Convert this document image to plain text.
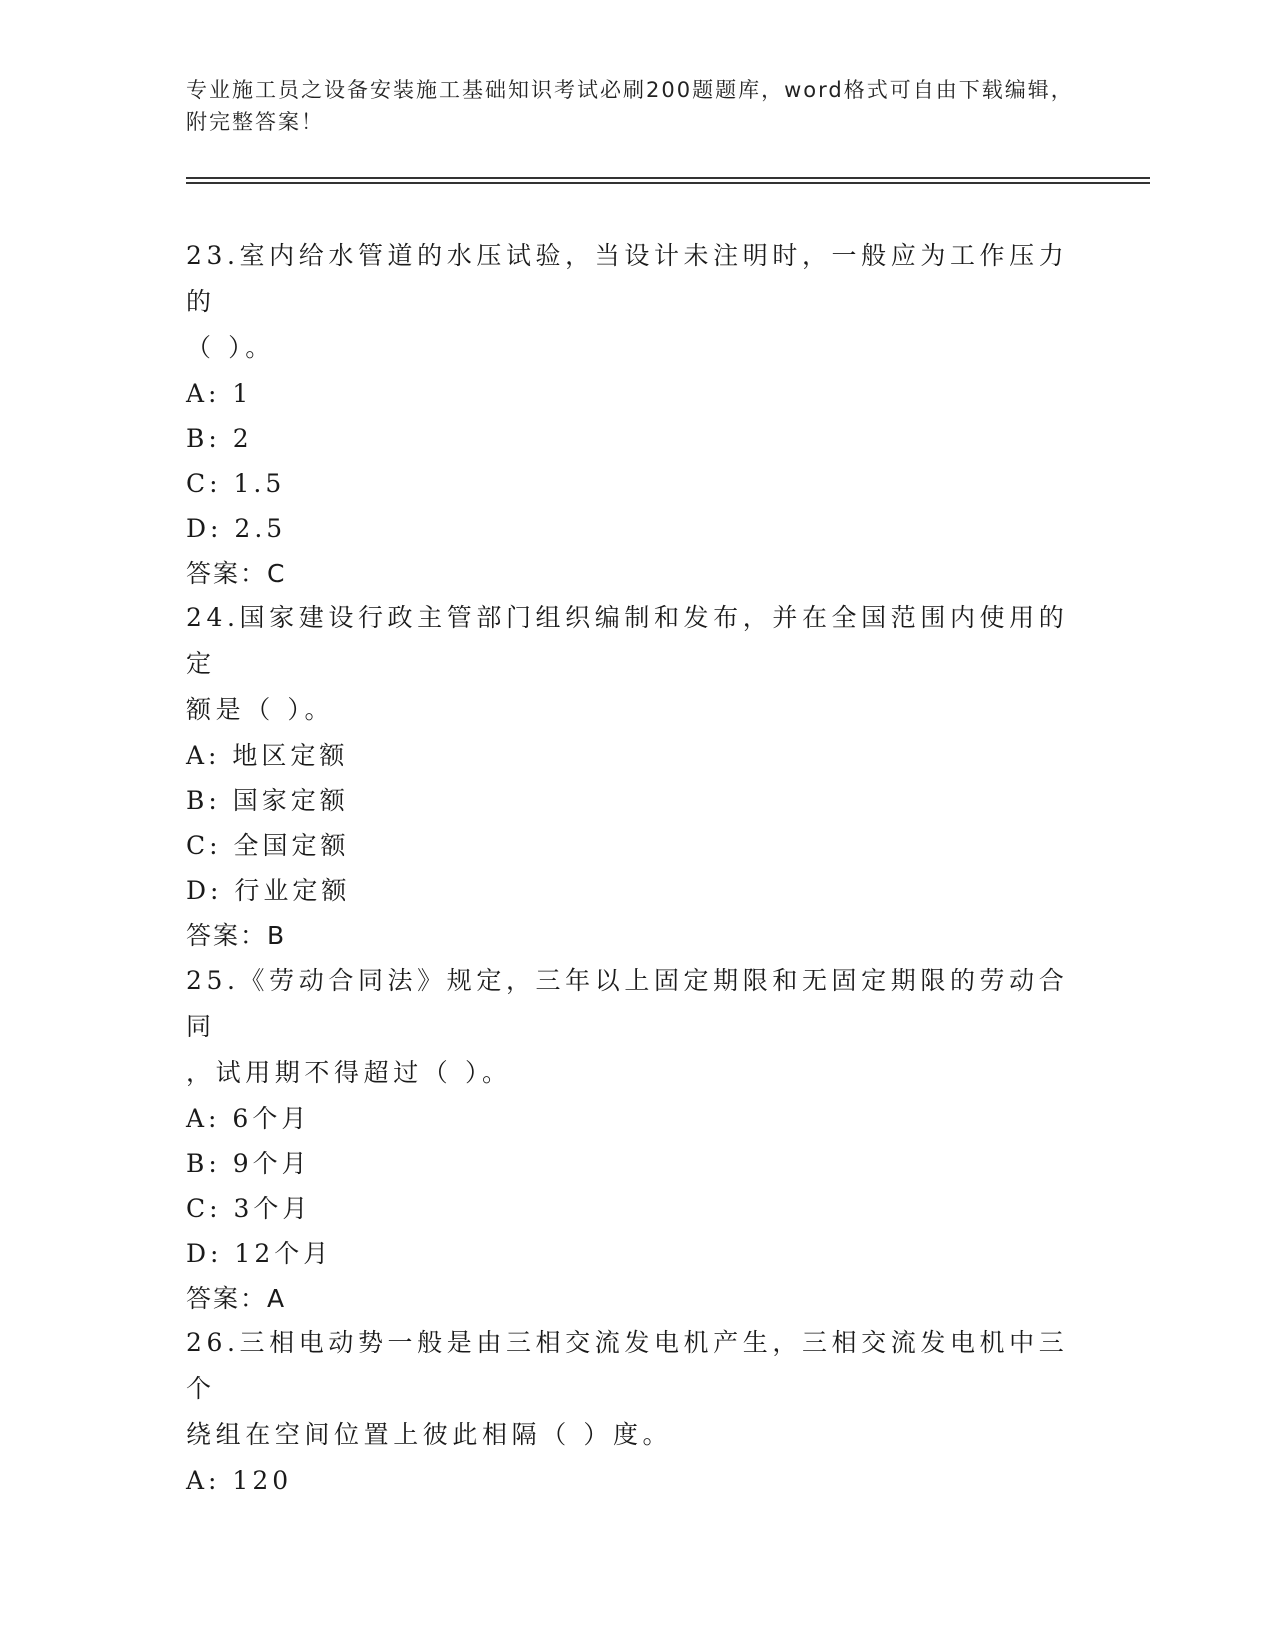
专业施工员之设备安装施工基础知识考试必刷200题题库，word格式可自由下载编辑，附完整答案！

23.室内给水管道的水压试验，当设计未注明时，一般应为工作压力的

（ ）。

A: 1

B: 2

C: 1.5

D: 2.5

答案：C

24.国家建设行政主管部门组织编制和发布，并在全国范围内使用的定

额是（ ）。

A: 地区定额

B: 国家定额

C: 全国定额

D: 行业定额

答案：B

25.《劳动合同法》规定，三年以上固定期限和无固定期限的劳动合同

，试用期不得超过（ ）。

A: 6个月

B: 9个月

C: 3个月

D: 12个月

答案：A

26.三相电动势一般是由三相交流发电机产生，三相交流发电机中三个

绕组在空间位置上彼此相隔（ ）度。

A: 120
